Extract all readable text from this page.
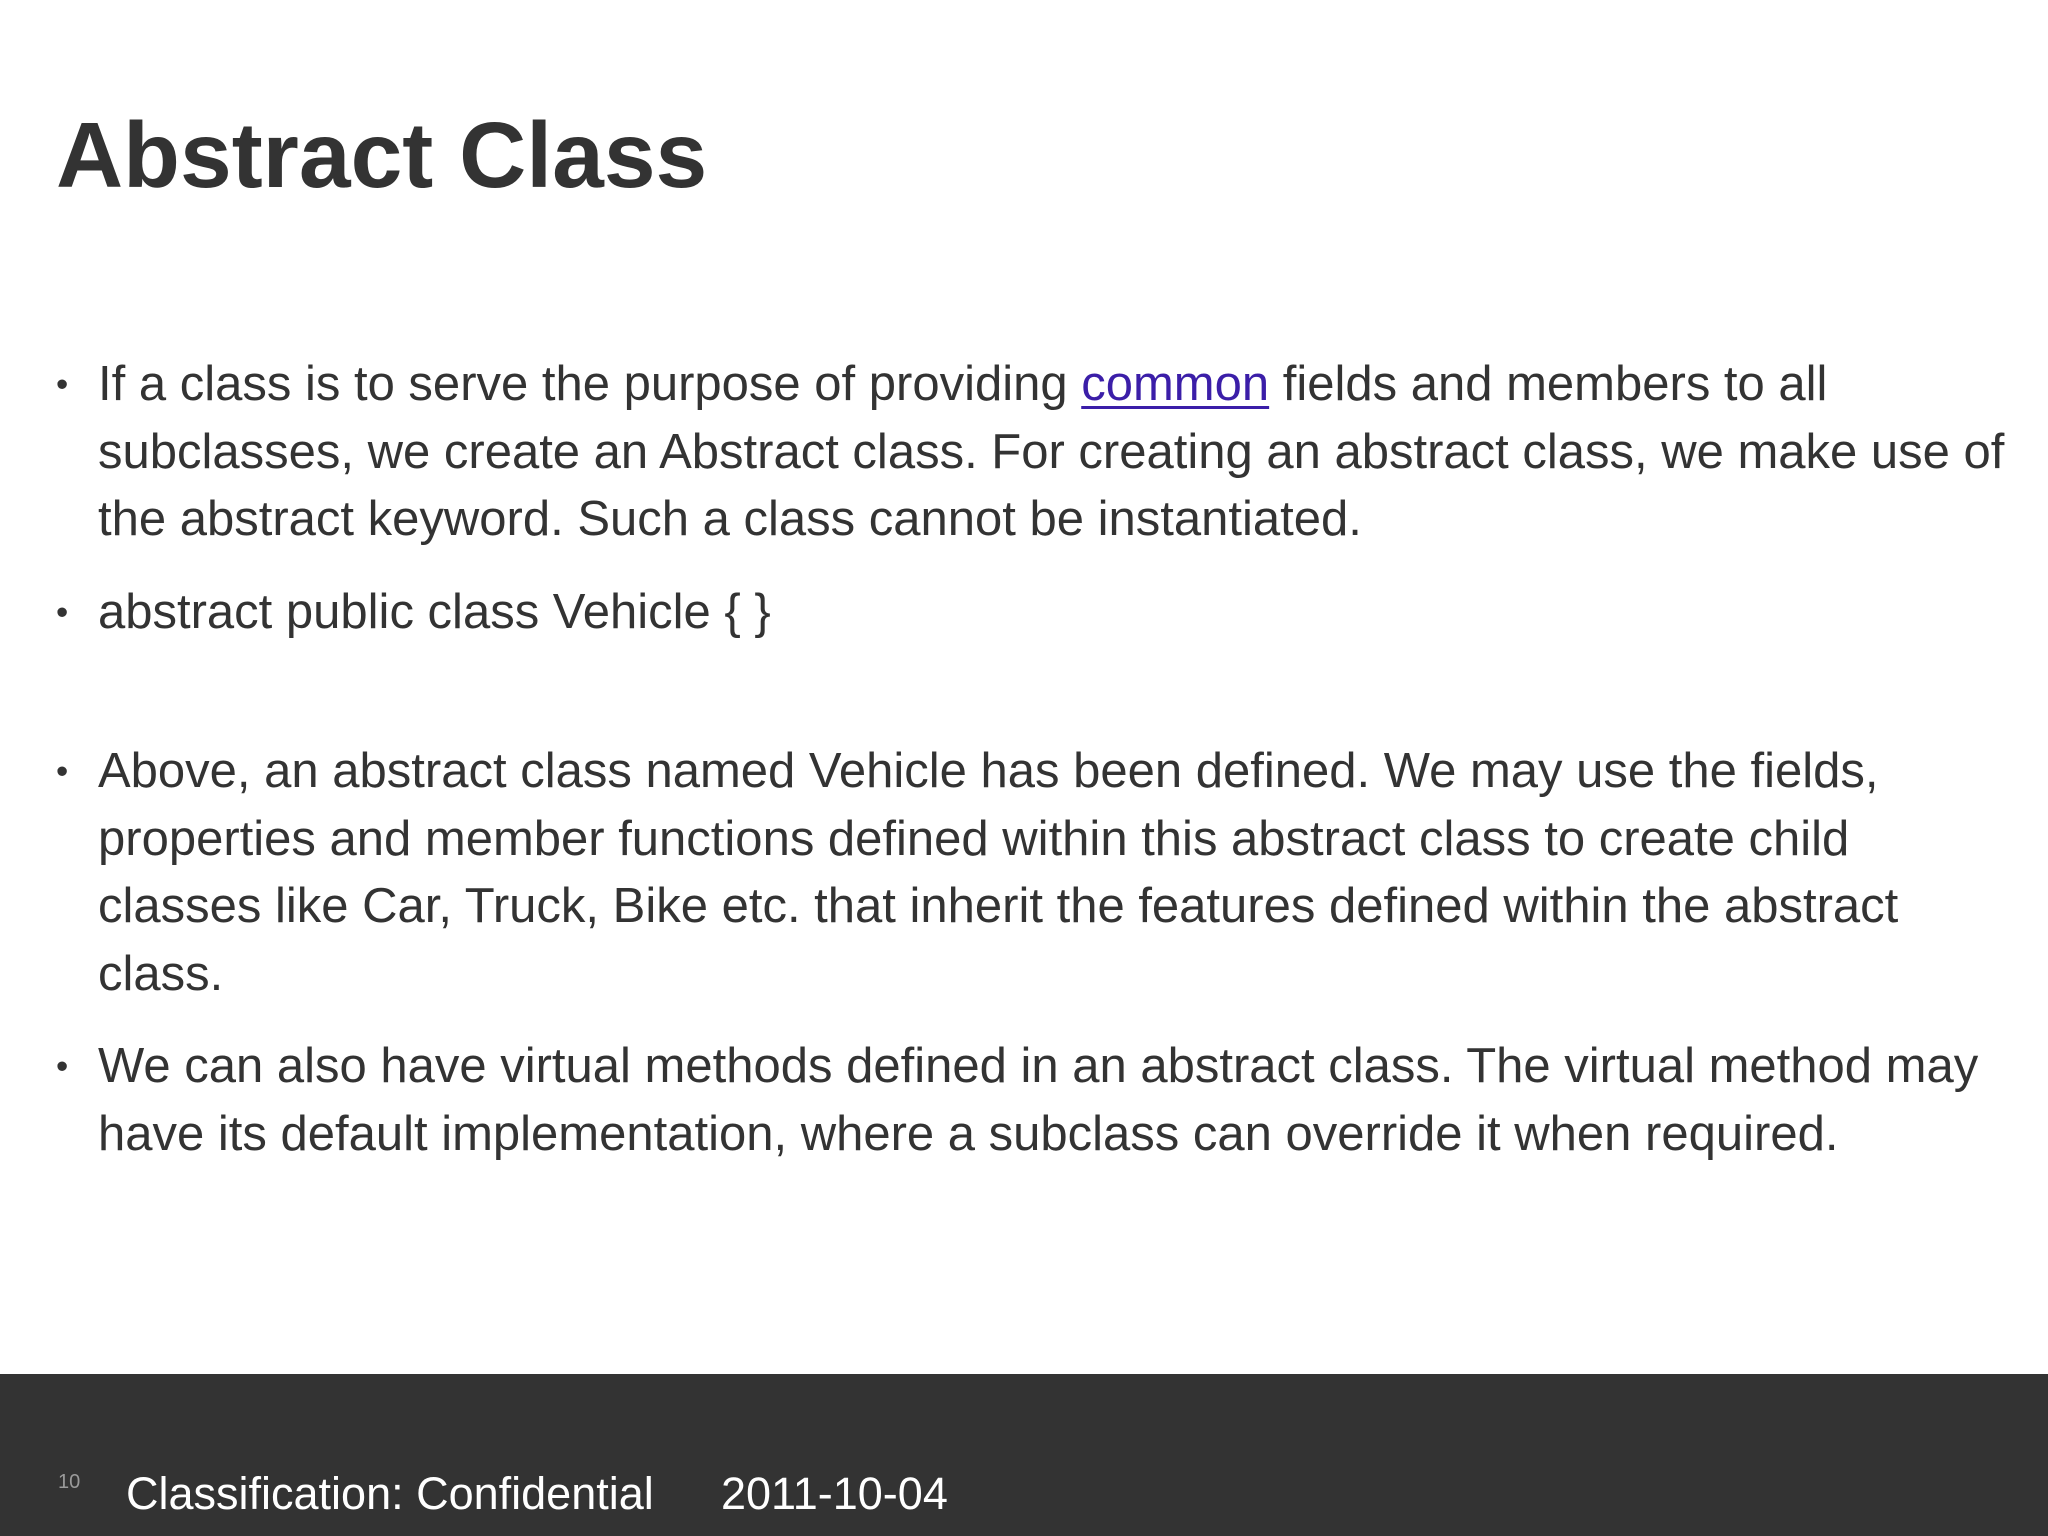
Abstract Class
• If a class is to serve the purpose of providing common fields and members to all subclasses, we create an Abstract class. For creating an abstract class, we make use of the abstract keyword. Such a class cannot be instantiated.
• abstract public class Vehicle { }
• Above, an abstract class named Vehicle has been defined. We may use the fields, properties and member functions defined within this abstract class to create child classes like Car, Truck, Bike etc. that inherit the features defined within the abstract class.
• We can also have virtual methods defined in an abstract class. The virtual method may have its default implementation, where a subclass can override it when required.
10 Classification: Confidential 2011-10-04
